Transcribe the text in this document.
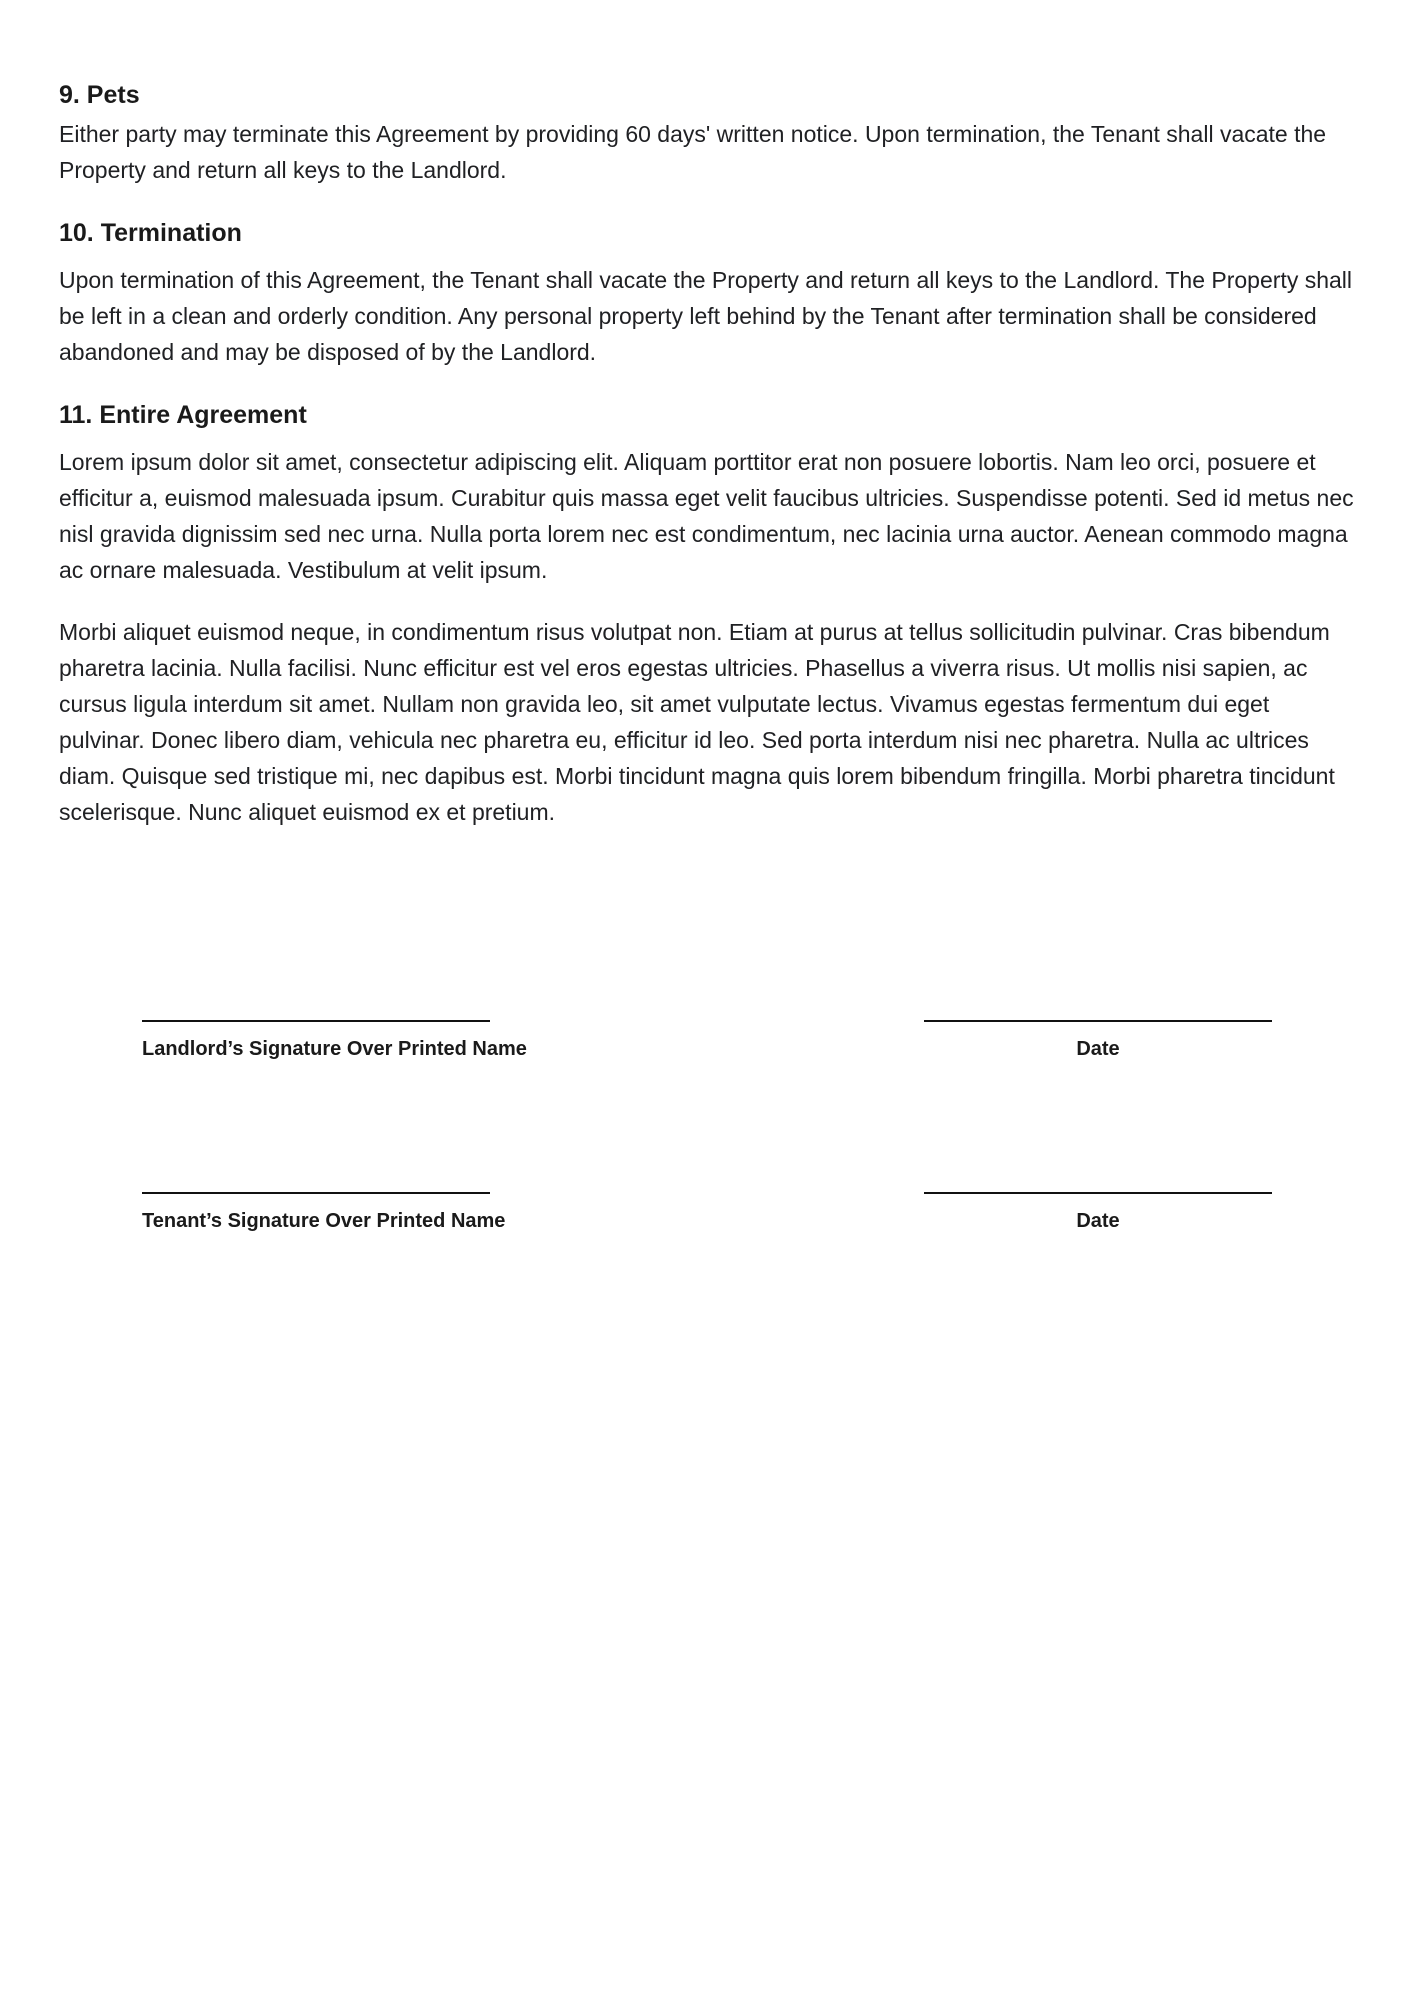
9. Pets

Either party may terminate this Agreement by providing 60 days' written notice. Upon termination, the Tenant shall vacate the Property and return all keys to the Landlord.

10. Termination

Upon termination of this Agreement, the Tenant shall vacate the Property and return all keys to the Landlord. The Property shall be left in a clean and orderly condition. Any personal property left behind by the Tenant after termination shall be considered abandoned and may be disposed of by the Landlord.

11. Entire Agreement

Lorem ipsum dolor sit amet, consectetur adipiscing elit. Aliquam porttitor erat non posuere lobortis. Nam leo orci, posuere et efficitur a, euismod malesuada ipsum. Curabitur quis massa eget velit faucibus ultricies. Suspendisse potenti. Sed id metus nec nisl gravida dignissim sed nec urna. Nulla porta lorem nec est condimentum, nec lacinia urna auctor. Aenean commodo magna ac ornare malesuada. Vestibulum at velit ipsum.

Morbi aliquet euismod neque, in condimentum risus volutpat non. Etiam at purus at tellus sollicitudin pulvinar. Cras bibendum pharetra lacinia. Nulla facilisi. Nunc efficitur est vel eros egestas ultricies. Phasellus a viverra risus. Ut mollis nisi sapien, ac cursus ligula interdum sit amet. Nullam non gravida leo, sit amet vulputate lectus. Vivamus egestas fermentum dui eget pulvinar. Donec libero diam, vehicula nec pharetra eu, efficitur id leo. Sed porta interdum nisi nec pharetra. Nulla ac ultrices diam. Quisque sed tristique mi, nec dapibus est. Morbi tincidunt magna quis lorem bibendum fringilla. Morbi pharetra tincidunt scelerisque. Nunc aliquet euismod ex et pretium.

Landlord’s Signature Over Printed Name	Date
Tenant’s Signature Over Printed Name	Date
